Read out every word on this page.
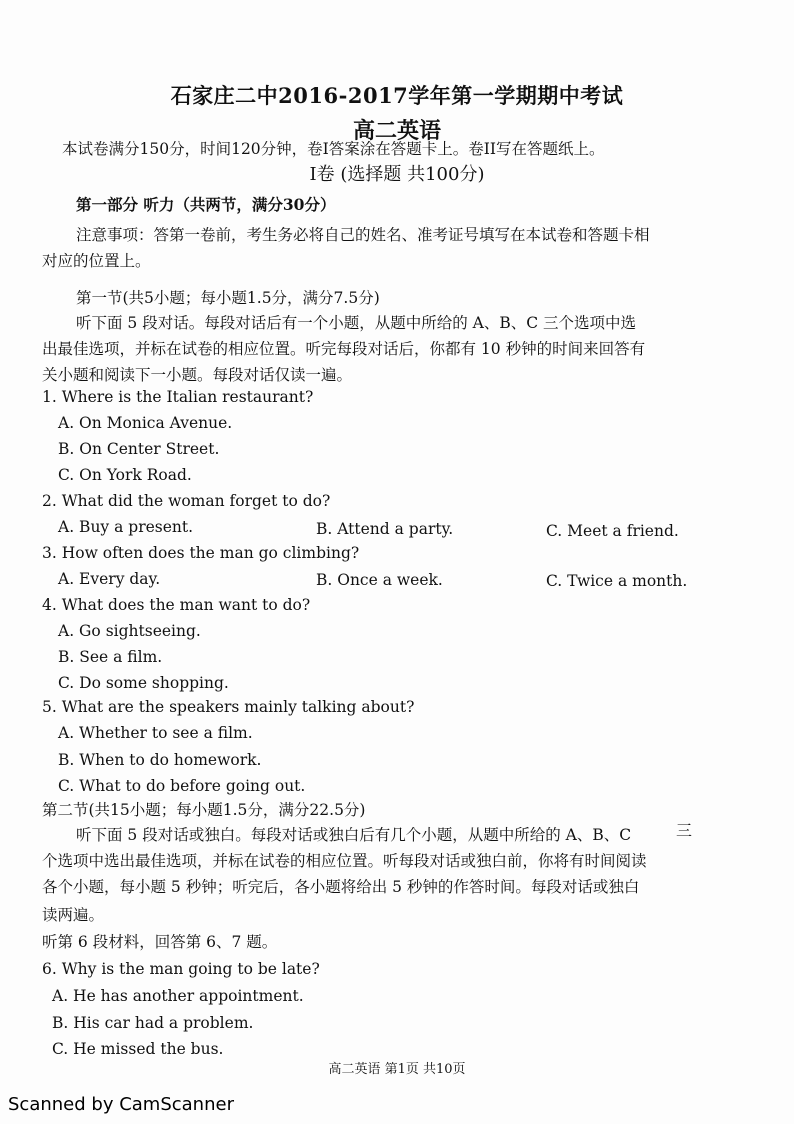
石家庄二中2016-2017学年第一学期期中考试
高二英语
本试卷满分150分，时间120分钟，卷I答案涂在答题卡上。卷II写在答题纸上。
I卷 (选择题 共100分)
第一部分 听力（共两节，满分30分）
注意事项：答第一卷前，考生务必将自己的姓名、准考证号填写在本试卷和答题卡相
对应的位置上。
第一节(共5小题；每小题1.5分，满分7.5分)
听下面 5 段对话。每段对话后有一个小题，从题中所给的 A、B、C 三个选项中选
出最佳选项，并标在试卷的相应位置。听完每段对话后，你都有 10 秒钟的时间来回答有
关小题和阅读下一小题。每段对话仅读一遍。
1. Where is the Italian restaurant?
A. On Monica Avenue.
B. On Center Street.
C. On York Road.
2. What did the woman forget to do?
A. Buy a present.	B. Attend a party.	C. Meet a friend.
3. How often does the man go climbing?
A. Every day.	B. Once a week.	C. Twice a month.
4. What does the man want to do?
A. Go sightseeing.
B. See a film.
C. Do some shopping.
5. What are the speakers mainly talking about?
A. Whether to see a film.
B. When to do homework.
C. What to do before going out.
第二节(共15小题；每小题1.5分，满分22.5分)
听下面 5 段对话或独白。每段对话或独白后有几个小题，从题中所给的 A、B、C	三
个选项中选出最佳选项，并标在试卷的相应位置。听每段对话或独白前，你将有时间阅读
各个小题，每小题 5 秒钟；听完后，各小题将给出 5 秒钟的作答时间。每段对话或独白
读两遍。
听第 6 段材料，回答第 6、7 题。
6. Why is the man going to be late?
A. He has another appointment.
B. His car had a problem.
C. He missed the bus.
高二英语 第1页 共10页
Scanned by CamScanner
